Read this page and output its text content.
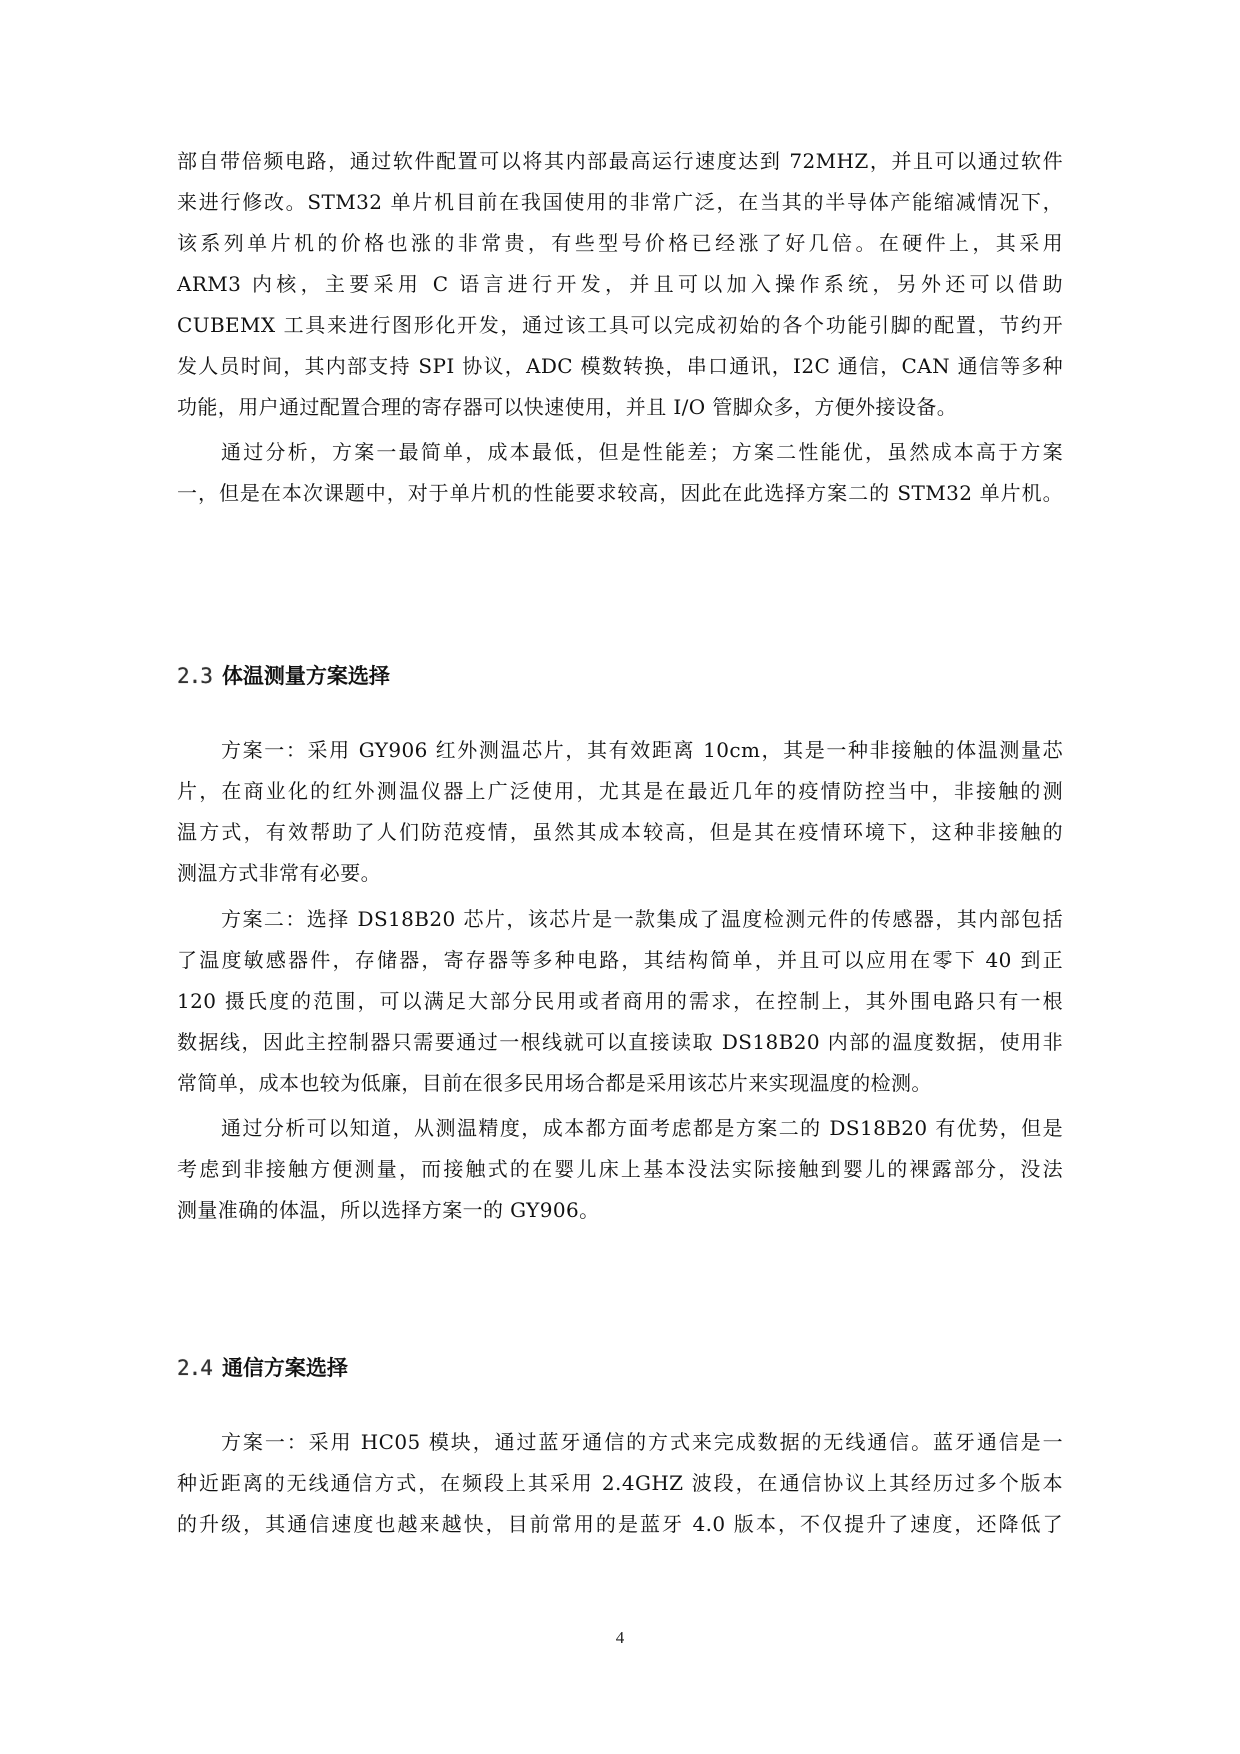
部自带倍频电路，通过软件配置可以将其内部最高运行速度达到 72MHZ，并且可以通过软件
来进行修改。STM32 单片机目前在我国使用的非常广泛，在当其的半导体产能缩减情况下，
该系列单片机的价格也涨的非常贵，有些型号价格已经涨了好几倍。在硬件上，其采用
ARM3 内核，主要采用 C 语言进行开发，并且可以加入操作系统，另外还可以借助
CUBEMX 工具来进行图形化开发，通过该工具可以完成初始的各个功能引脚的配置，节约开
发人员时间，其内部支持 SPI 协议，ADC 模数转换，串口通讯，I2C 通信，CAN 通信等多种
功能，用户通过配置合理的寄存器可以快速使用，并且 I/O 管脚众多，方便外接设备。
通过分析，方案一最简单，成本最低，但是性能差；方案二性能优，虽然成本高于方案
一，但是在本次课题中，对于单片机的性能要求较高，因此在此选择方案二的 STM32 单片机。
2.3 体温测量方案选择
方案一：采用 GY906 红外测温芯片，其有效距离 10cm，其是一种非接触的体温测量芯
片，在商业化的红外测温仪器上广泛使用，尤其是在最近几年的疫情防控当中，非接触的测
温方式，有效帮助了人们防范疫情，虽然其成本较高，但是其在疫情环境下，这种非接触的
测温方式非常有必要。
方案二：选择 DS18B20 芯片，该芯片是一款集成了温度检测元件的传感器，其内部包括
了温度敏感器件，存储器，寄存器等多种电路，其结构简单，并且可以应用在零下 40 到正
120 摄氏度的范围，可以满足大部分民用或者商用的需求，在控制上，其外围电路只有一根
数据线，因此主控制器只需要通过一根线就可以直接读取 DS18B20 内部的温度数据，使用非
常简单，成本也较为低廉，目前在很多民用场合都是采用该芯片来实现温度的检测。
通过分析可以知道，从测温精度，成本都方面考虑都是方案二的 DS18B20 有优势，但是
考虑到非接触方便测量，而接触式的在婴儿床上基本没法实际接触到婴儿的裸露部分，没法
测量准确的体温，所以选择方案一的 GY906。
2.4 通信方案选择
方案一：采用 HC05 模块，通过蓝牙通信的方式来完成数据的无线通信。蓝牙通信是一
种近距离的无线通信方式，在频段上其采用 2.4GHZ 波段，在通信协议上其经历过多个版本
的升级，其通信速度也越来越快，目前常用的是蓝牙 4.0 版本，不仅提升了速度，还降低了
4
